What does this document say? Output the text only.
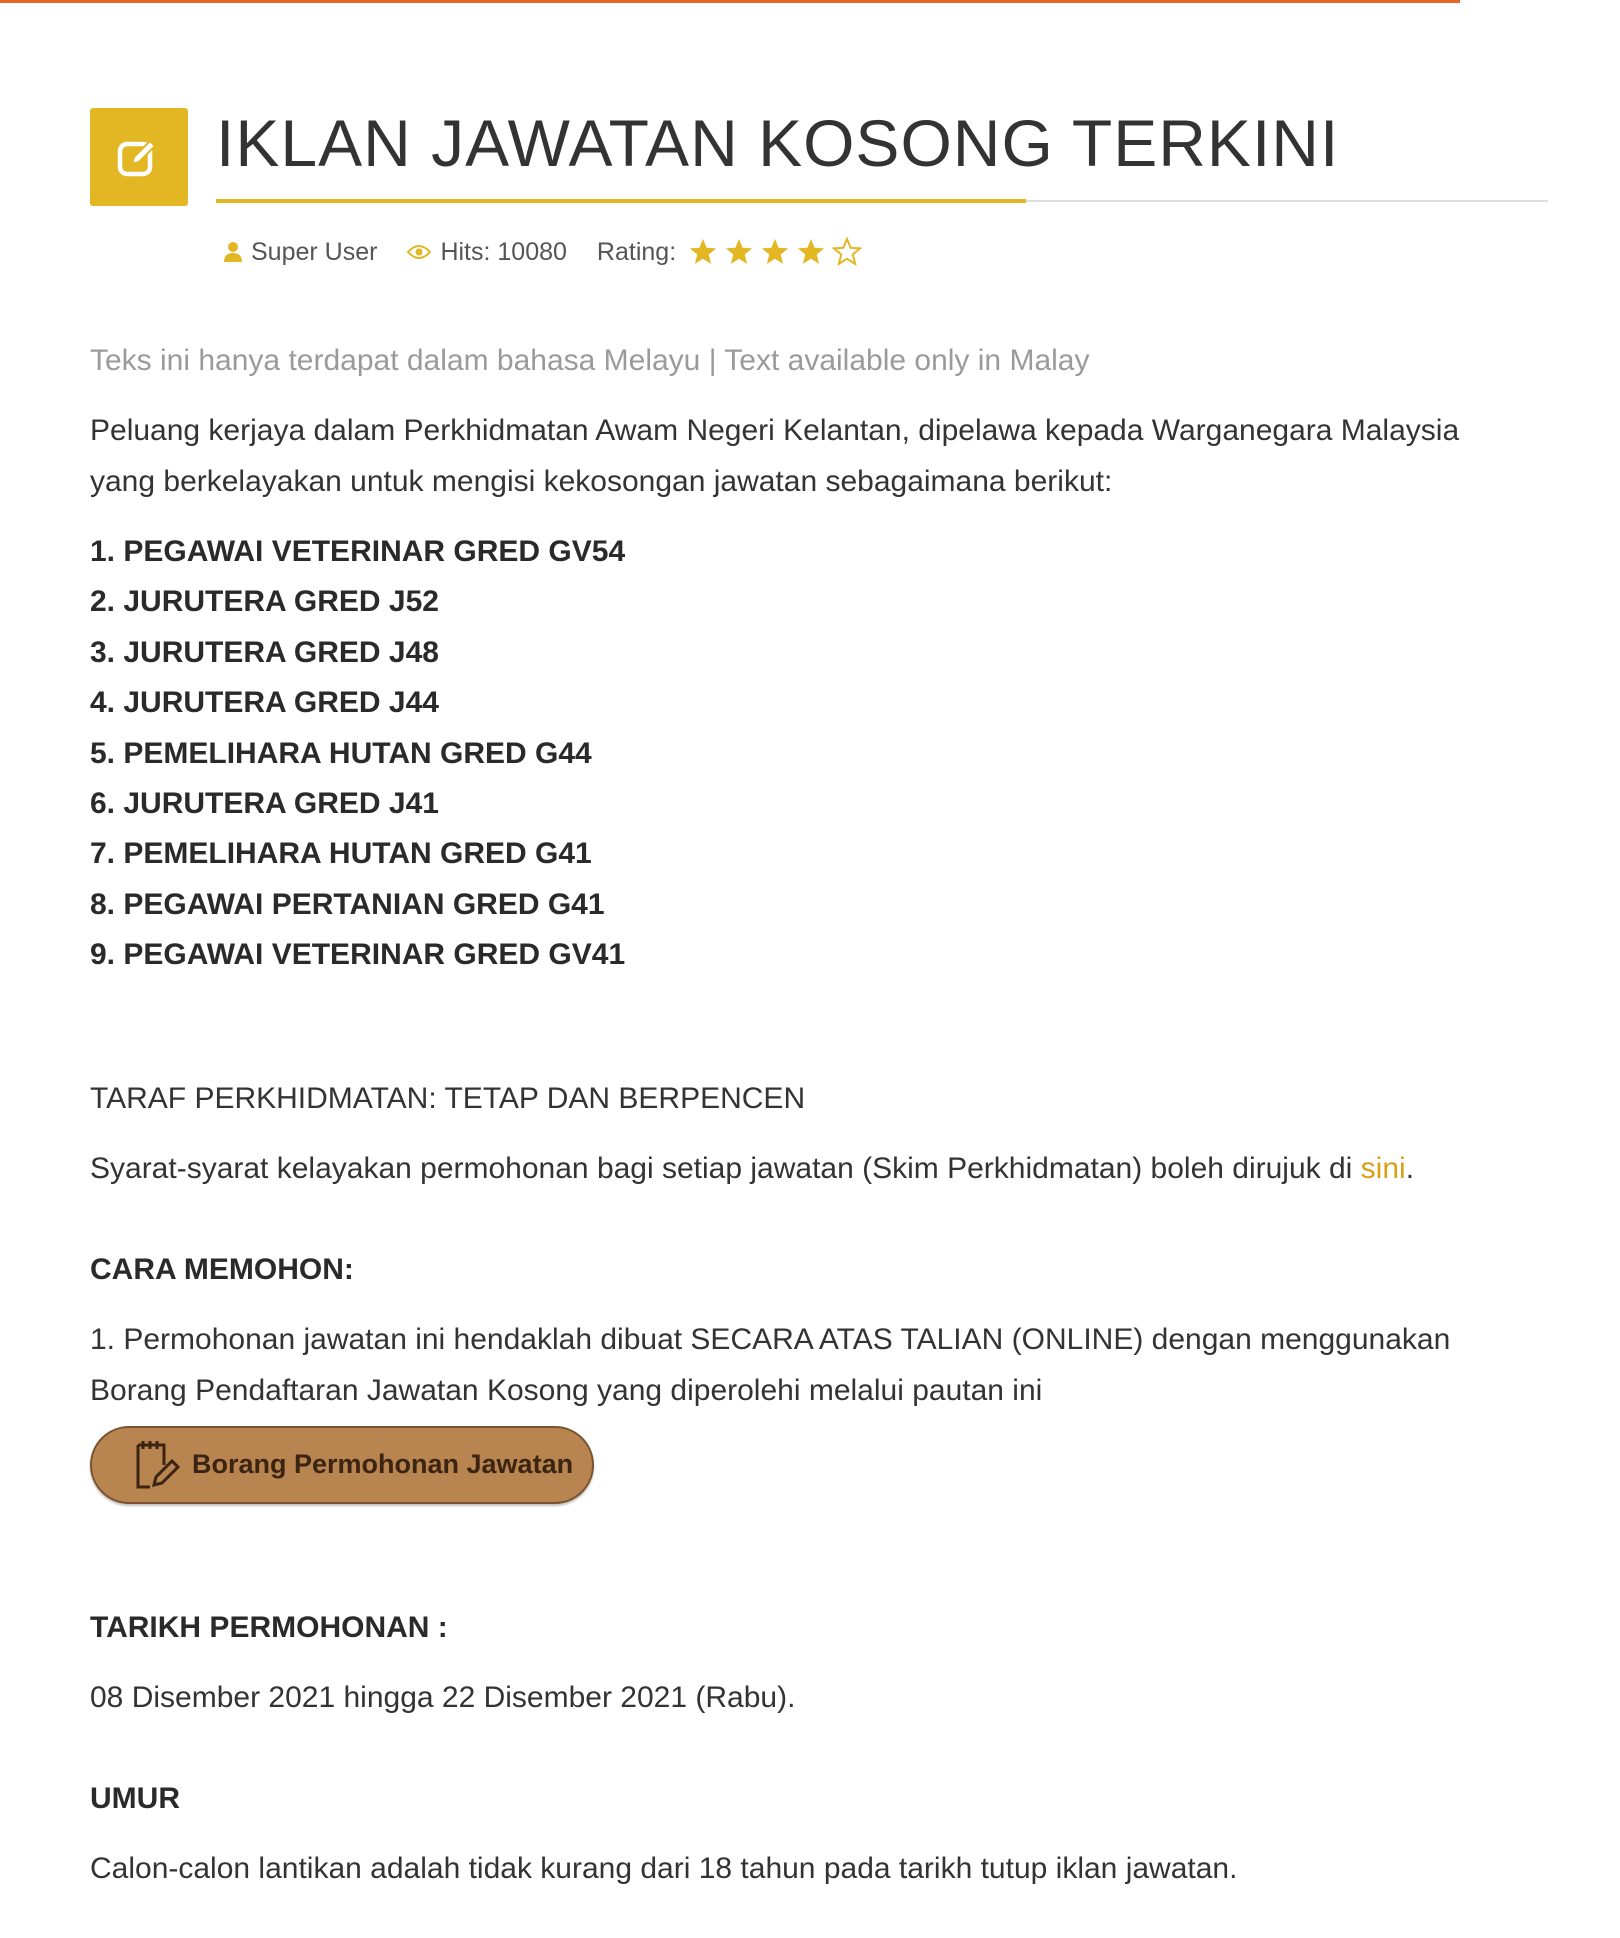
IKLAN JAWATAN KOSONG TERKINI
Super User	Hits: 10080 Rating:

Teks ini hanya terdapat dalam bahasa Melayu | Text available only in Malay

Peluang kerjaya dalam Perkhidmatan Awam Negeri Kelantan, dipelawa kepada Warganegara Malaysia

yang berkelayakan untuk mengisi kekosongan jawatan sebagaimana berikut:

1. PEGAWAI VETERINAR GRED GV54
2. JURUTERA GRED J52
3. JURUTERA GRED J48
4. JURUTERA GRED J44
5. PEMELIHARA HUTAN GRED G44
6. JURUTERA GRED J41
7. PEMELIHARA HUTAN GRED G41
8. PEGAWAI PERTANIAN GRED G41
9. PEGAWAI VETERINAR GRED GV41

TARAF PERKHIDMATAN: TETAP DAN BERPENCEN

Syarat-syarat kelayakan permohonan bagi setiap jawatan (Skim Perkhidmatan) boleh dirujuk di sini.

CARA MEMOHON:

1. Permohonan jawatan ini hendaklah dibuat SECARA ATAS TALIAN (ONLINE) dengan menggunakan

Borang Pendaftaran Jawatan Kosong yang diperolehi melalui pautan ini

Borang Permohonan Jawatan

TARIKH PERMOHONAN :

08 Disember 2021 hingga 22 Disember 2021 (Rabu).

UMUR

Calon-calon lantikan adalah tidak kurang dari 18 tahun pada tarikh tutup iklan jawatan.
